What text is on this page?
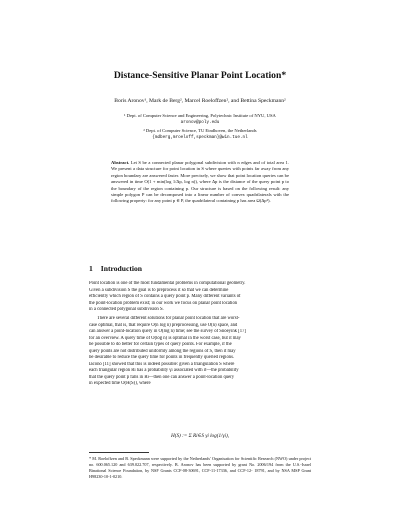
Distance-Sensitive Planar Point Location*
Boris Aronov¹, Mark de Berg², Marcel Roeloffzen², and Bettina Speckmann²
¹ Dept. of Computer Science and Engineering, Polytechnic Institute of NYU, USA
aronov@poly.edu
² Dept. of Computer Science, TU Eindhoven, the Netherlands
{mdberg,mroeloff,speckman}@win.tue.nl
Abstract. Let S be a connected planar polygonal subdivision with n edges and of total area 1. We present a data structure for point location in S where queries with points far away from any region boundary are answered faster. More precisely, we show that point location queries can be answered in time O(1 + min(log 1/Δp, log n)), where Δp is the distance of the query point p to the boundary of the region containing p. Our structure is based on the following result: any simple polygon P can be decomposed into a linear number of convex quadrilaterals with the following property: for any point p ∈ P, the quadrilateral containing p has area Ω(Δp²).
1 Introduction
Point location is one of the most fundamental problems in computational geometry.
Given a subdivision S the goal is to preprocess it so that we can determine
efficiently which region of S contains a query point p. Many different variants of
the point-location problem exist; in our work we focus on planar point location
in a connected polygonal subdivision S.
There are several different solutions for planar point location that are worst-
case optimal, that is, that require O(n log n) preprocessing, use O(n) space, and
can answer a point-location query in O(log n) time; see the survey of Snoeyink [17]
for an overview. A query time of O(log n) is optimal in the worst case, but it may
be possible to do better for certain types of query points. For example, if the
query points are not distributed uniformly among the regions of S, then it may
be desirable to reduce the query time for points in frequently queried regions.
Iacono [11] showed that this is indeed possible: given a triangulation S where
each triangular region Ri has a probability γi associated with it—the probability
that the query point p falls in Ri—then one can answer a point-location query
in expected time O(H(S)), where
H(S) := Σ Ri∈S γi log(1/γi),
* M. Roeloffzen and B. Speckmann were supported by the Netherlands' Organisation for Scientific Research (NWO) under project no. 600.065.120 and 639.022.707, respectively. B. Aronov has been supported by grant No. 2006/194 from the U.S.-Israel Binational Science Foundation, by NSF Grants CCF-08-30691, CCF-11-17336, and CCF-12- 18791, and by NSA MSP Grant H98230-10-1-0210.
